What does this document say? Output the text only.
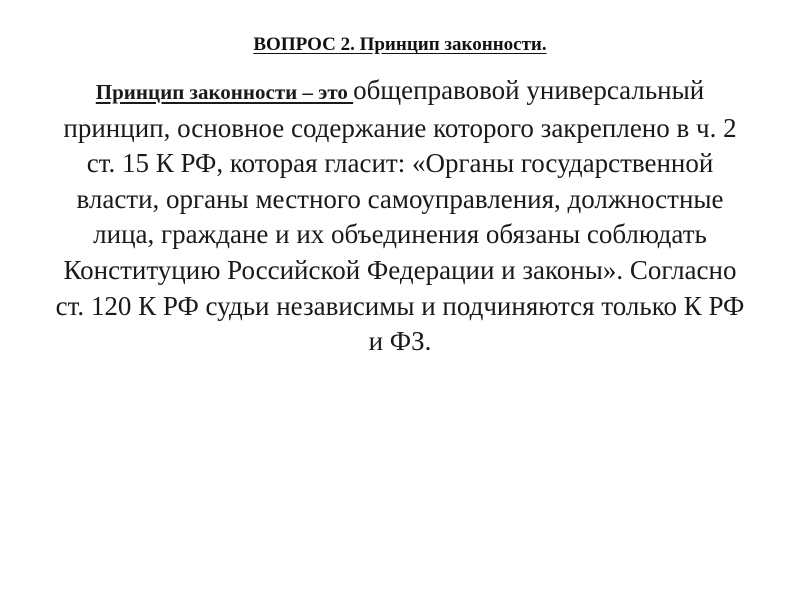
ВОПРОС 2. Принцип законности.

Принцип законности – это общеправовой универсальный принцип, основное содержание которого закреплено в ч. 2 ст. 15 К РФ, которая гласит: «Органы государственной власти, органы местного самоуправления, должностные лица, граждане и их объединения обязаны соблюдать Конституцию Российской Федерации и законы». Согласно ст. 120 К РФ судьи независимы и подчиняются только К РФ и ФЗ.
